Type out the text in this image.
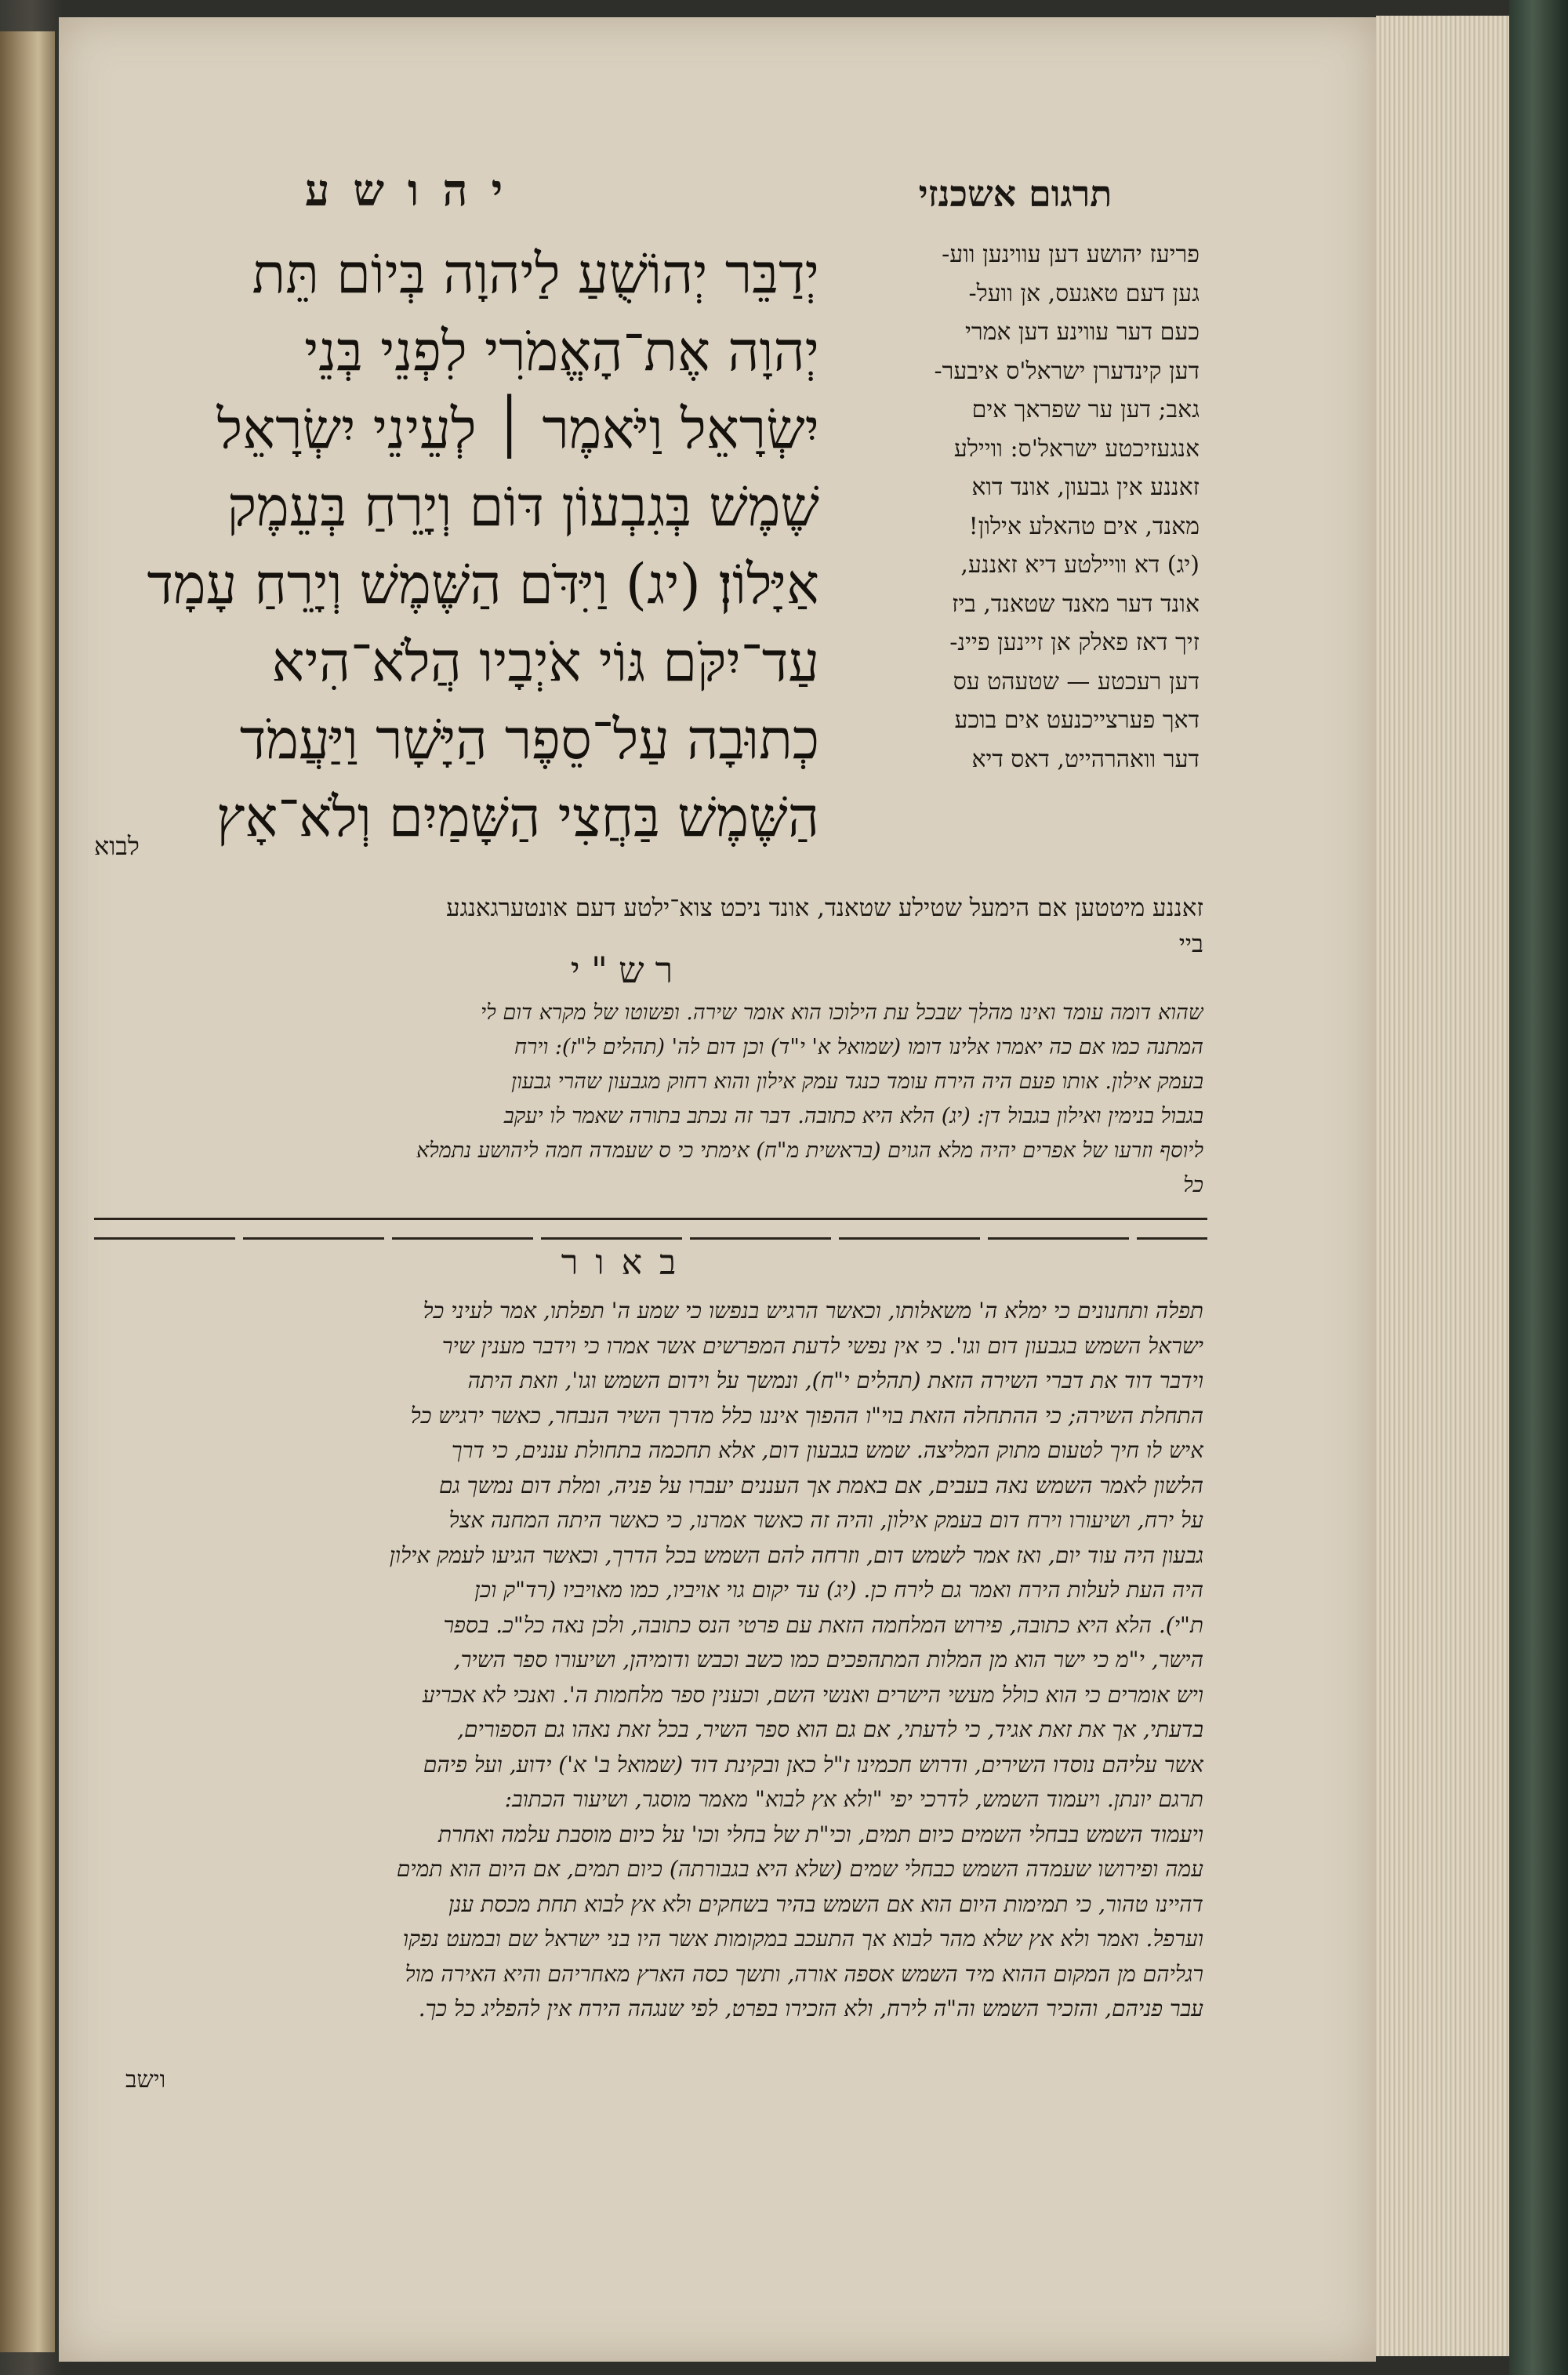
תרגום אשכנזי
יהושע
יְדַבֵּר יְהוֹשֻׁעַ לַיהוָה בְּיוֹם תֵּת
יְהוָה אֶת־הָאֱמֹרִי לִפְנֵי בְּנֵי
יִשְׂרָאֵל וַיֹּאמֶר ׀ לְעֵינֵי יִשְׂרָאֵל
שֶׁמֶשׁ בְּגִבְעוֹן דּוֹם וְיָרֵחַ בְּעֵמֶק
אַיָּלוֹן׃ (יג) וַיִּדֹּם הַשֶּׁמֶשׁ וְיָרֵחַ עָמָד
עַד־יִקֹּם גּוֹי אֹיְבָיו הֲלֹא־הִיא
כְתוּבָה עַל־סֵפֶר הַיָּשָׁר וַיַּעֲמֹד
הַשֶּׁמֶשׁ בַּחֲצִי הַשָּׁמַיִם וְלֹא־אָץ
לבוא
פריעז יהושע דען עווינען ווע-
גען דעם טאגעס, אן וועל-
כעם דער עווינע דען אמרי
דען קינדערן ישראל'ס איבער-
גאב; דען ער שפראך אים
אנגעזיכטע ישראל'ס: וויילע
זאננע אין גבעון, אונד דוא
מאנד, אים טהאלע אילון!
(יג) דא וויילטע דיא זאננע,
אונד דער מאנד שטאנד, ביז
זיך דאז פאלק אן זיינען פיינ-
דען רעכטע — שטעהט עס
דאך פערצייכנעט אים בוכע
דער וואהרהייט, דאס דיא
זאננע מיטטען אם הימעל שטילע שטאנד, אונד ניכט צוא־ילטע דעם אונטערגאנגע
ביי
רש"י
שהוא דומה עומד ואינו מהלך שבכל עת הילוכו הוא אומר שירה. ופשוטו של מקרא דום לי
המתנה כמו אם כה יאמרו אלינו דומו (שמואל א' י"ד) וכן דום לה' (תהלים ל"ז): וירח
בעמק אילון. אותו פעם היה הירח עומד כנגד עמק אילון והוא רחוק מגבעון שהרי גבעון
בגבול בנימין ואילון בגבול דן: (יג) הלא היא כתובה. דבר זה נכתב בתורה שאמר לו יעקב
ליוסף וזרעו של אפרים יהיה מלא הגוים (בראשית מ"ח) אימתי כי ס שעמדה חמה ליהושע נתמלא
כל
באור
תפלה ותחנונים כי ימלא ה' משאלותו, וכאשר הרגיש בנפשו כי שמע ה' תפלתו, אמר לעיני כל
ישראל השמש בגבעון דום וגו'. כי אין נפשי לדעת המפרשים אשר אמרו כי וידבר מענין שיר
וידבר דוד את דברי השירה הזאת (תהלים י"ח), ונמשך על וידום השמש וגו', וזאת היתה
התחלת השירה; כי ההתחלה הזאת בוי"ו ההפוך איננו כלל מדרך השיר הנבחר, כאשר ירגיש כל
איש לו חיך לטעום מתוק המליצה. שמש בגבעון דום, אלא תחכמה בתחולת עננים, כי דרך
הלשון לאמר השמש נאה בעבים, אם באמת אך העננים יעברו על פניה, ומלת דום נמשך גם
על ירח, ושיעורו וירח דום בעמק אילון, והיה זה כאשר אמרנו, כי כאשר היתה המחנה אצל
גבעון היה עוד יום, ואז אמר לשמש דום, וזרחה להם השמש בכל הדרך, וכאשר הגיעו לעמק אילון
היה העת לעלות הירח ואמר גם לירח כן. (יג) עד יקום גוי אויביו, כמו מאויביו (רד"ק וכן
ת"י). הלא היא כתובה, פירוש המלחמה הזאת עם פרטי הנס כתובה, ולכן נאה כל"כ. בספר
הישר, י"מ כי ישר הוא מן המלות המתהפכים כמו כשב וכבש ודומיהן, ושיעורו ספר השיר,
ויש אומרים כי הוא כולל מעשי הישרים ואנשי השם, וכענין ספר מלחמות ה'. ואנכי לא אכריע
בדעתי, אך את זאת אגיד, כי לדעתי, אם גם הוא ספר השיר, בכל זאת נאהו גם הספורים,
אשר עליהם נוסדו השירים, ודרוש חכמינו ז"ל כאן ובקינת דוד (שמואל ב' א') ידוע, ועל פיהם
תרגם יונתן. ויעמוד השמש, לדרכי יפי "ולא אץ לבוא" מאמר מוסגר, ושיעור הכתוב:
ויעמוד השמש בבחלי השמים כיום תמים, וכי"ת של בחלי וכו' על כיום מוסבת עלמה ואחרת
עמה ופירושו שעמדה השמש כבחלי שמים (שלא היא בגבורתה) כיום תמים, אם היום הוא תמים
דהיינו טהור, כי תמימות היום הוא אם השמש בהיר בשחקים ולא אץ לבוא תחת מכסת ענן
וערפל. ואמר ולא אץ שלא מהר לבוא אך התעכב במקומות אשר היו בני ישראל שם ובמעט נפקו
רגליהם מן המקום ההוא מיד השמש אספה אורה, ותשך כסה הארץ מאחריהם והיא האירה מול
עבר פניהם, והזכיר השמש וה"ה לירח, ולא הזכירו בפרט, לפי שנגהה הירח אין להפליג כל כך.
וישב
